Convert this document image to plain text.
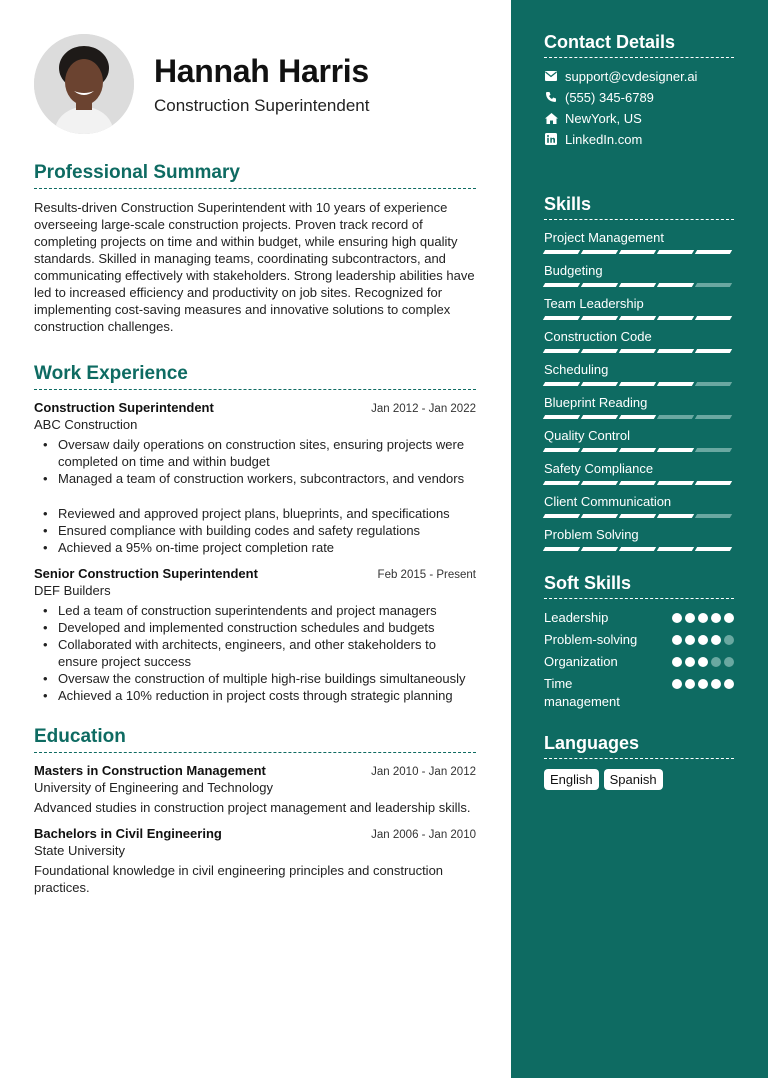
Hannah Harris
Construction Superintendent
Professional Summary

Results-driven Construction Superintendent with 10 years of experience overseeing large-scale construction projects. Proven track record of completing projects on time and within budget, while ensuring high quality standards. Skilled in managing teams, coordinating subcontractors, and communicating effectively with stakeholders. Strong leadership abilities have led to increased efficiency and productivity on job sites. Recognized for implementing cost-saving measures and innovative solutions to complex construction challenges.

Work Experience
Construction Superintendent	Jan 2012 - Jan 2022
ABC Construction
• Oversaw daily operations on construction sites, ensuring projects were completed on time and within budget
• Managed a team of construction workers, subcontractors, and vendors
• Reviewed and approved project plans, blueprints, and specifications
• Ensured compliance with building codes and safety regulations
• Achieved a 95% on-time project completion rate
Senior Construction Superintendent	Feb 2015 - Present
DEF Builders
• Led a team of construction superintendents and project managers
• Developed and implemented construction schedules and budgets
• Collaborated with architects, engineers, and other stakeholders to ensure project success
• Oversaw the construction of multiple high-rise buildings simultaneously
• Achieved a 10% reduction in project costs through strategic planning
Education
Masters in Construction Management	Jan 2010 - Jan 2012
University of Engineering and Technology
Advanced studies in construction project management and leadership skills.
Bachelors in Civil Engineering	Jan 2006 - Jan 2010
State University
Foundational knowledge in civil engineering principles and construction practices.
Contact Details
support@cvdesigner.ai
(555) 345-6789
NewYork, US
LinkedIn.com
Skills
Project Management
Budgeting
Team Leadership
Construction Code
Scheduling
Blueprint Reading
Quality Control
Safety Compliance
Client Communication
Problem Solving
Soft Skills
Leadership
Problem-solving
Organization
Time management
Languages
English	Spanish
